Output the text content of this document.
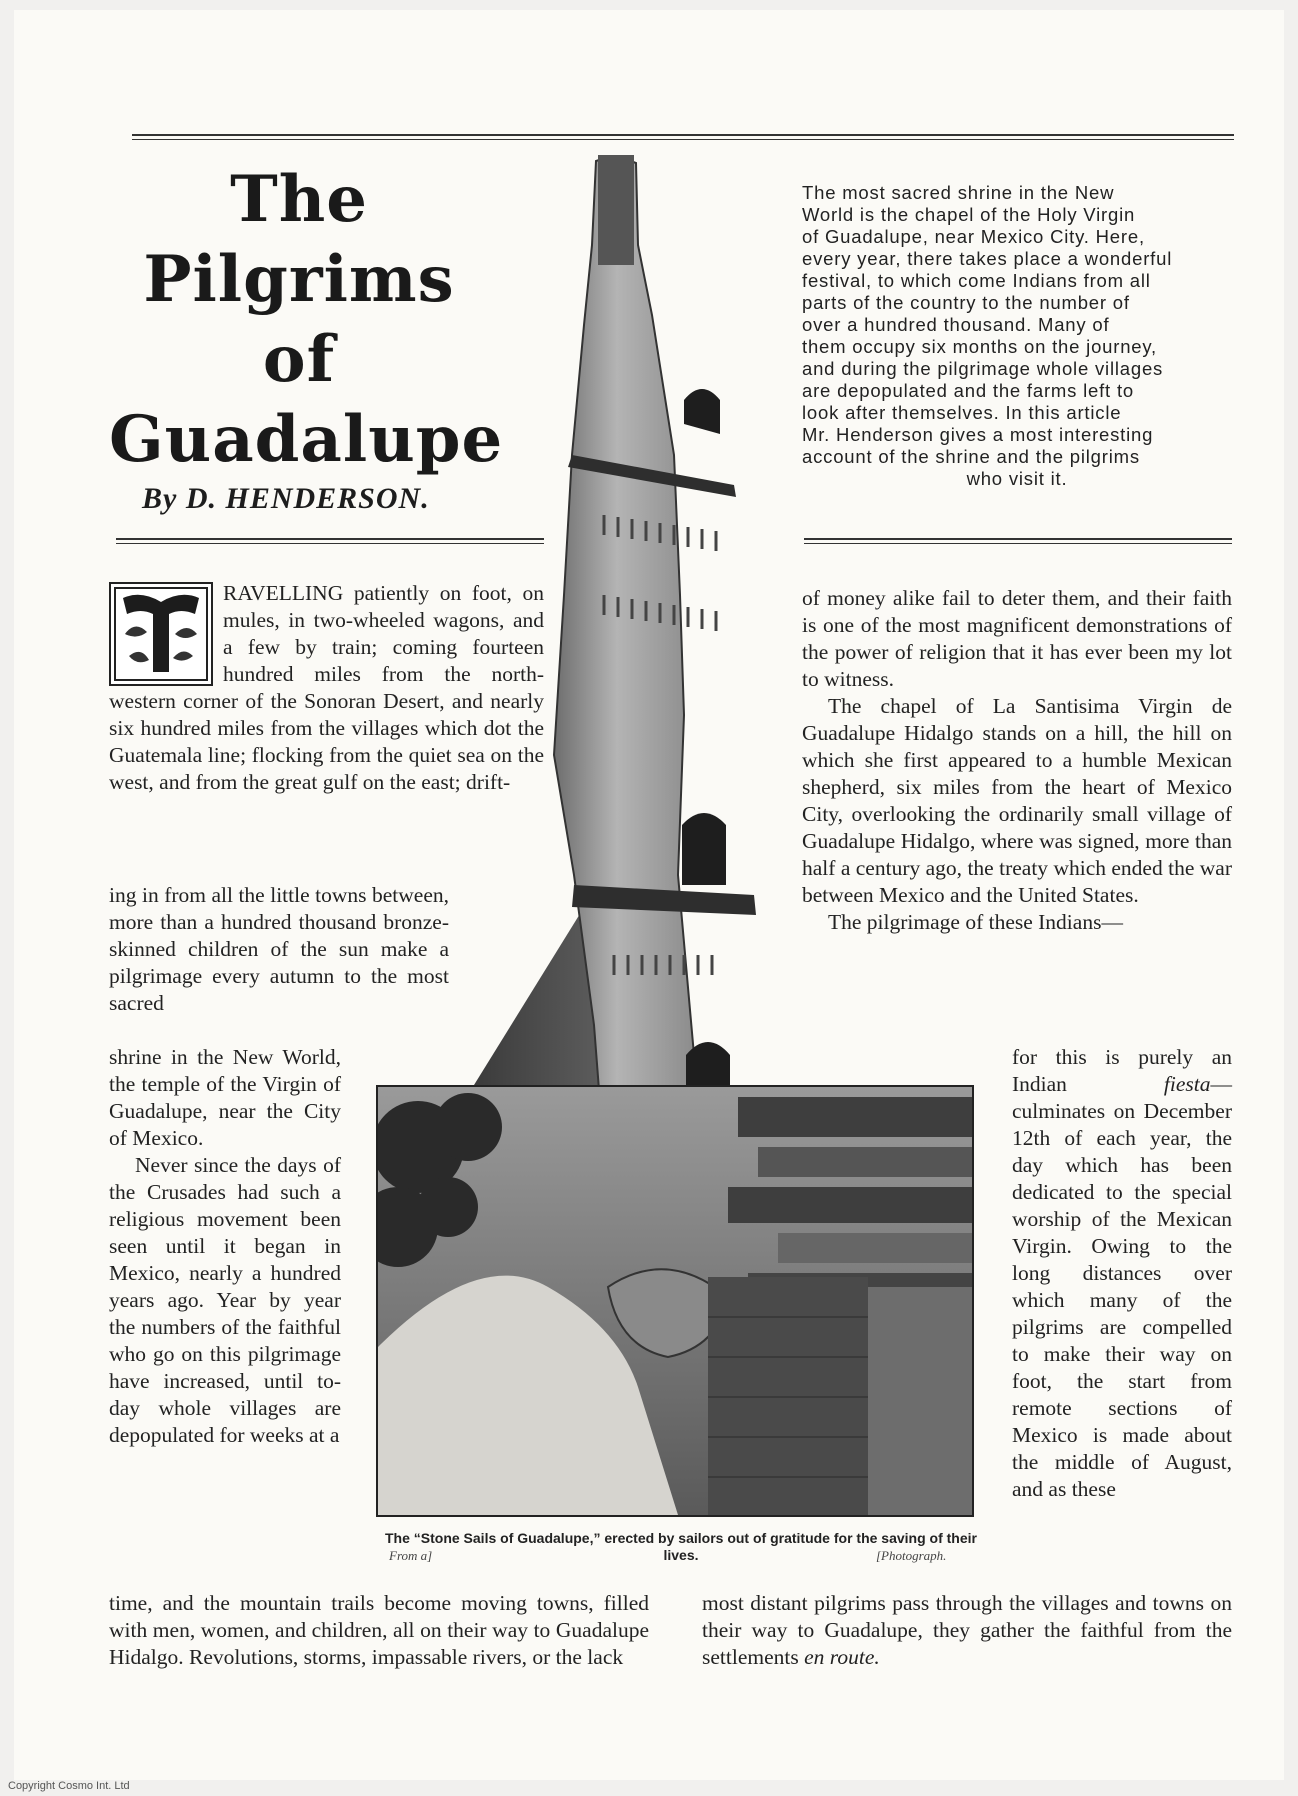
The
Pilgrims
of
Guadalupe
By D. HENDERSON.
The most sacred shrine in the New
World is the chapel of the Holy Virgin
of Guadalupe, near Mexico City. Here,
every year, there takes place a wonderful
festival, to which come Indians from all
parts of the country to the number of
over a hundred thousand. Many of
them occupy six months on the journey,
and during the pilgrimage whole villages
are depopulated and the farms left to
look after themselves. In this article
Mr. Henderson gives a most interesting
account of the shrine and the pilgrims
who visit it.

RAVELLING patiently on foot, on mules, in two-wheeled wagons, and a few by train; coming fourteen hundred miles from the north-western corner of the Sonoran Desert, and nearly six hundred miles from the villages which dot the Guatemala line; flocking from the quiet sea on the west, and from the great gulf on the east; drift-

ing in from all the little towns between, more than a hundred thousand bronze-skinned children of the sun make a pilgrimage every autumn to the most sacred

shrine in the New World, the temple of the Virgin of Guadalupe, near the City of Mexico.

Never since the days of the Crusades had such a religious movement been seen until it began in Mexico, nearly a hundred years ago. Year by year the numbers of the faithful who go on this pilgrimage have increased, until to-day whole villages are depopulated for weeks at a

time, and the mountain trails become moving towns, filled with men, women, and children, all on their way to Guadalupe Hidalgo. Revolutions, storms, impassable rivers, or the lack

of money alike fail to deter them, and their faith is one of the most magnificent demonstrations of the power of religion that it has ever been my lot to witness.

The chapel of La Santisima Virgin de Guadalupe Hidalgo stands on a hill, the hill on which she first appeared to a humble Mexican shepherd, six miles from the heart of Mexico City, overlooking the ordinarily small village of Guadalupe Hidalgo, where was signed, more than half a century ago, the treaty which ended the war between Mexico and the United States.

The pilgrimage of these Indians—

for this is purely an Indian fiesta—culminates on December 12th of each year, the day which has been dedicated to the special worship of the Mexican Virgin. Owing to the long distances over which many of the pilgrims are compelled to make their way on foot, the start from remote sections of Mexico is made about the middle of August, and as these

most distant pilgrims pass through the villages and towns on their way to Guadalupe, they gather the faithful from the settlements en route.

The “Stone Sails of Guadalupe,” erected by sailors out of gratitude for the saving of their lives.
From a]	[Photograph.
Copyright Cosmo Int. Ltd
